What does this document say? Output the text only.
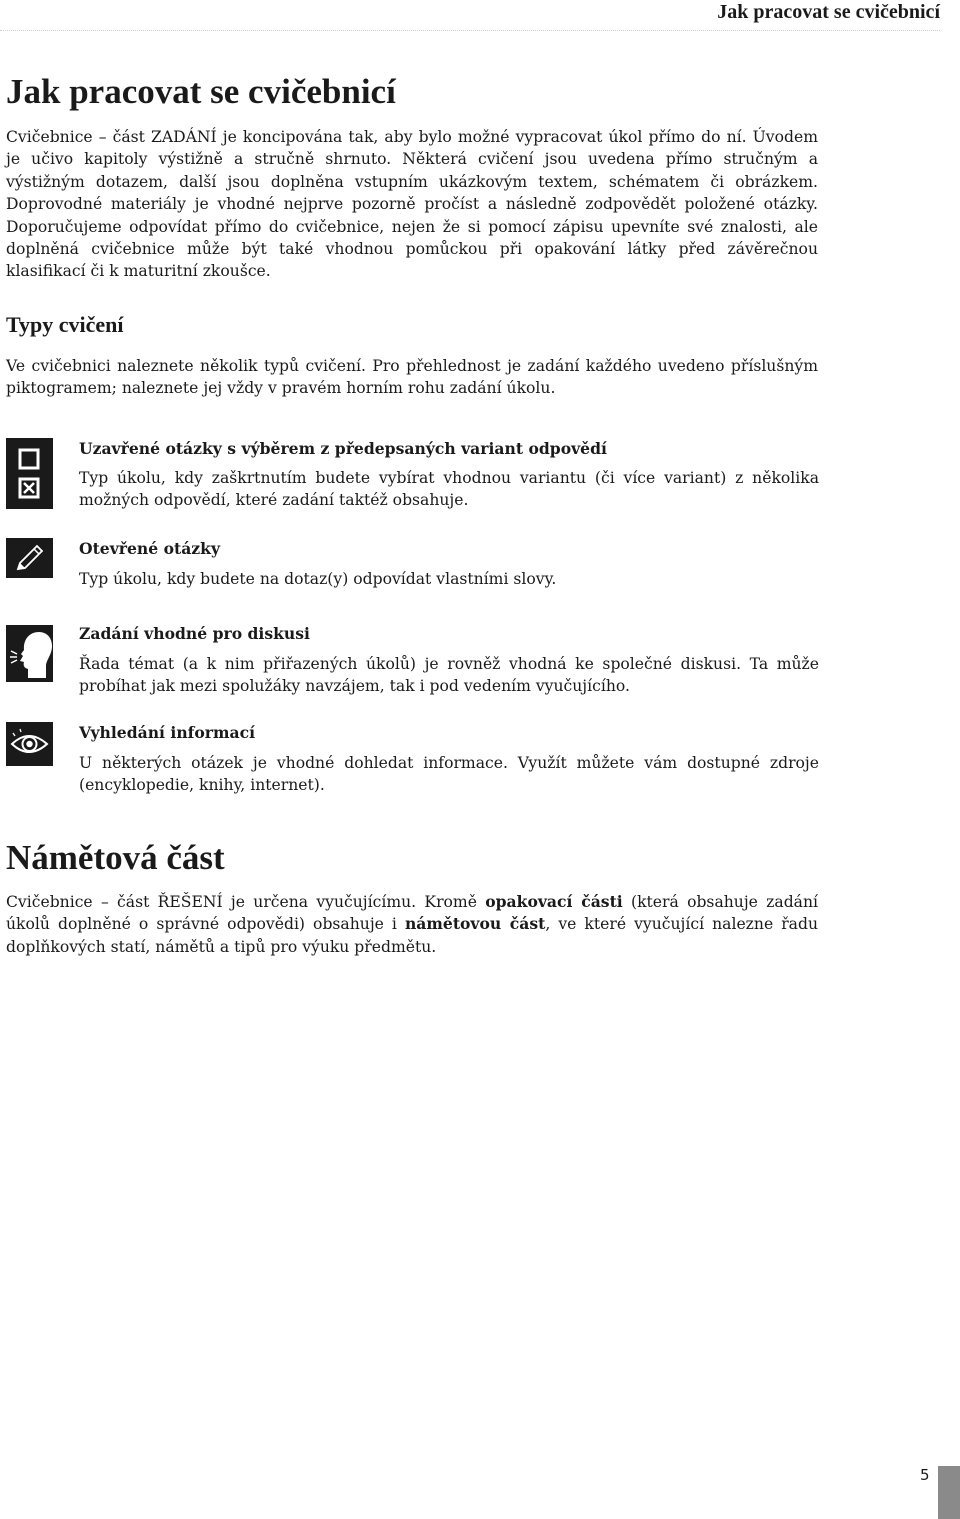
Jak pracovat se cvičebnicí
Jak pracovat se cvičebnicí

Cvičebnice – část ZADÁNÍ je koncipována tak, aby bylo možné vypracovat úkol přímo do ní. Úvodem je učivo kapitoly výstižně a stručně shrnuto. Některá cvičení jsou uvedena přímo stručným a výstižným dotazem, další jsou doplněna vstupním ukázkovým textem, schématem či obrázkem. Doprovodné materiály je vhodné nejprve pozorně pročíst a následně zodpovědět položené otázky. Doporučujeme odpovídat přímo do cvičebnice, nejen že si pomocí zápisu upevníte své znalosti, ale doplněná cvičebnice může být také vhodnou pomůckou při opakování látky před závěrečnou klasifikací či k maturitní zkoušce.

Typy cvičení

Ve cvičebnici naleznete několik typů cvičení. Pro přehlednost je zadání každého uvedeno příslušným piktogramem; naleznete jej vždy v pravém horním rohu zadání úkolu.

Uzavřené otázky s výběrem z předepsaných variant odpovědí

Typ úkolu, kdy zaškrtnutím budete vybírat vhodnou variantu (či více variant) z několika možných odpovědí, které zadání taktéž obsahuje.

Otevřené otázky

Typ úkolu, kdy budete na dotaz(y) odpovídat vlastními slovy.

Zadání vhodné pro diskusi

Řada témat (a k nim přiřazených úkolů) je rovněž vhodná ke společné diskusi. Ta může probíhat jak mezi spolužáky navzájem, tak i pod vedením vyučujícího.

Vyhledání informací

U některých otázek je vhodné dohledat informace. Využít můžete vám dostupné zdroje (encyklopedie, knihy, internet).

Námětová část

Cvičebnice – část ŘEŠENÍ je určena vyučujícímu. Kromě opakovací části (která obsahuje zadání úkolů doplněné o správné odpovědi) obsahuje i námětovou část, ve které vyučující nalezne řadu doplňkových statí, námětů a tipů pro výuku předmětu.

5
